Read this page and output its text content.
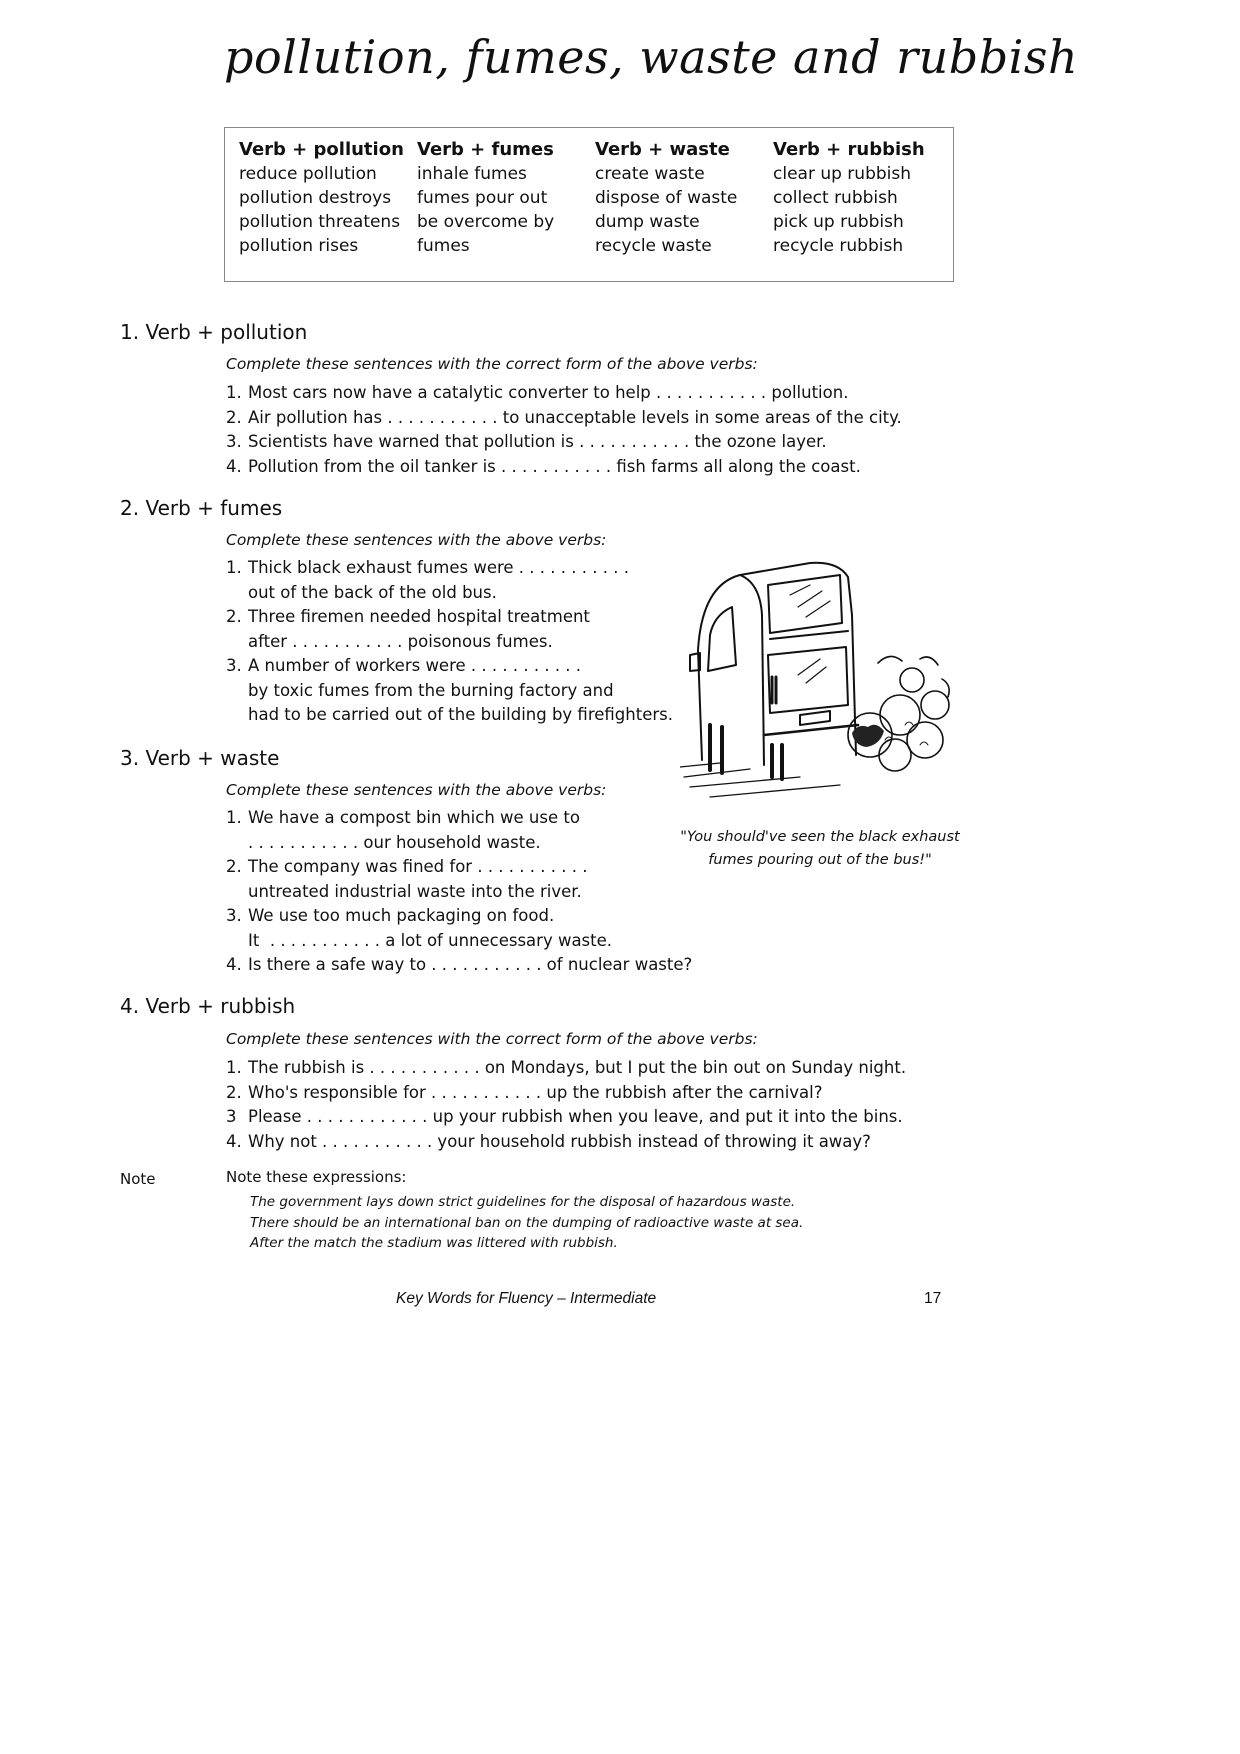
pollution, fumes, waste and rubbish
Verb + pollution
reduce pollution
pollution destroys
pollution threatens
pollution rises
Verb + fumes
inhale fumes
fumes pour out
be overcome by
fumes
Verb + waste
create waste
dispose of waste
dump waste
recycle waste
Verb + rubbish
clear up rubbish
collect rubbish
pick up rubbish
recycle rubbish
1. Verb + pollution
Complete these sentences with the correct form of the above verbs:
1. Most cars now have a catalytic converter to help . . . . . . . . . . . pollution.
2. Air pollution has . . . . . . . . . . . to unacceptable levels in some areas of the city.
3. Scientists have warned that pollution is . . . . . . . . . . . the ozone layer.
4. Pollution from the oil tanker is . . . . . . . . . . . fish farms all along the coast.
2. Verb + fumes
Complete these sentences with the above verbs:
1. Thick black exhaust fumes were . . . . . . . . . . .
out of the back of the old bus.
2. Three firemen needed hospital treatment
after . . . . . . . . . . . poisonous fumes.
3. A number of workers were . . . . . . . . . . .
by toxic fumes from the burning factory and
had to be carried out of the building by firefighters.
3. Verb + waste
Complete these sentences with the above verbs:
1. We have a compost bin which we use to
. . . . . . . . . . . our household waste.
2. The company was fined for . . . . . . . . . . .
untreated industrial waste into the river.
3. We use too much packaging on food.
It  . . . . . . . . . . . a lot of unnecessary waste.
4. Is there a safe way to . . . . . . . . . . . of nuclear waste?
4. Verb + rubbish
Complete these sentences with the correct form of the above verbs:
1. The rubbish is . . . . . . . . . . . on Mondays, but I put the bin out on Sunday night.
2. Who's responsible for . . . . . . . . . . . up the rubbish after the carnival?
3 Please . . . . . . . . . . . . up your rubbish when you leave, and put it into the bins.
4. Why not . . . . . . . . . . . your household rubbish instead of throwing it away?
"You should've seen the black exhaust
fumes pouring out of the bus!"
Note	Note these expressions:
The government lays down strict guidelines for the disposal of hazardous waste.
There should be an international ban on the dumping of radioactive waste at sea.
After the match the stadium was littered with rubbish.
Key Words for Fluency – Intermediate	17
